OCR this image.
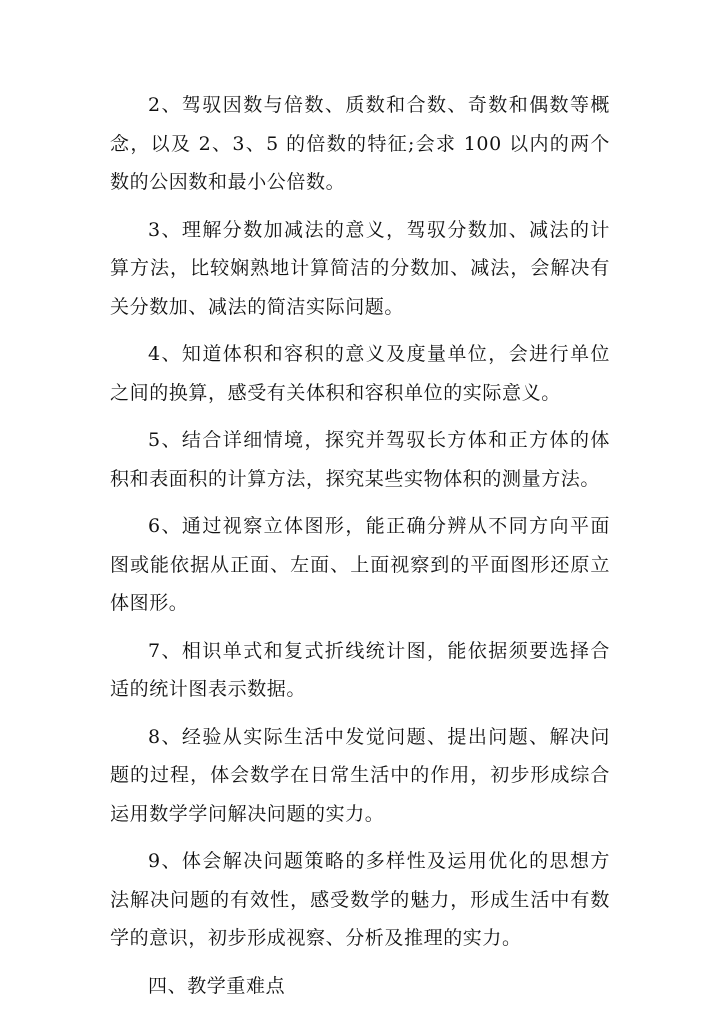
2、驾驭因数与倍数、质数和合数、奇数和偶数等概念，以及 2、3、5 的倍数的特征;会求 100 以内的两个数的公因数和最小公倍数。

3、理解分数加减法的意义，驾驭分数加、减法的计算方法，比较娴熟地计算简洁的分数加、减法，会解决有关分数加、减法的简洁实际问题。

4、知道体积和容积的意义及度量单位，会进行单位之间的换算，感受有关体积和容积单位的实际意义。

5、结合详细情境，探究并驾驭长方体和正方体的体积和表面积的计算方法，探究某些实物体积的测量方法。

6、通过视察立体图形，能正确分辨从不同方向平面图或能依据从正面、左面、上面视察到的平面图形还原立体图形。

7、相识单式和复式折线统计图，能依据须要选择合适的统计图表示数据。

8、经验从实际生活中发觉问题、提出问题、解决问题的过程，体会数学在日常生活中的作用，初步形成综合运用数学学问解决问题的实力。

9、体会解决问题策略的多样性及运用优化的思想方法解决问题的有效性，感受数学的魅力，形成生活中有数学的意识，初步形成视察、分析及推理的实力。

四、教学重难点
